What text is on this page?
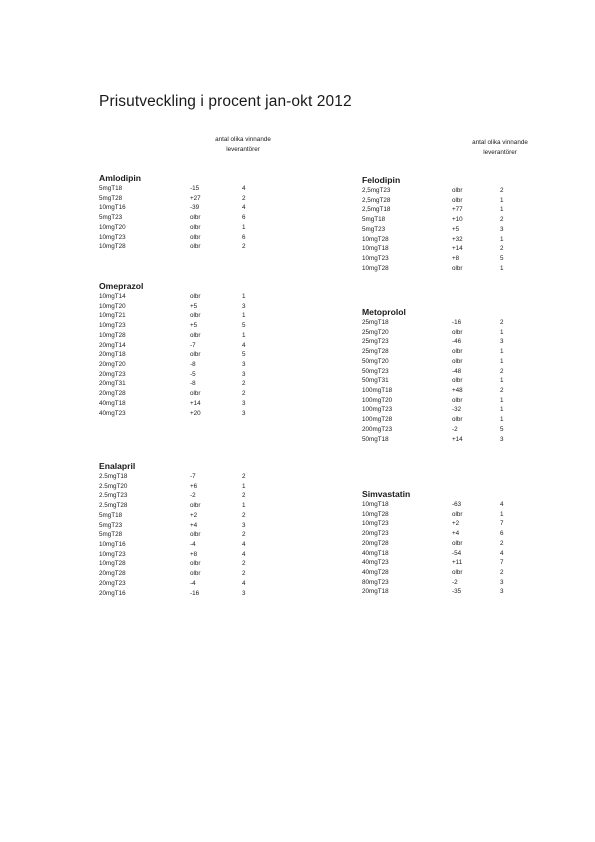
Prisutveckling i procent jan-okt 2012
antal olika vinnande
leverantörer
antal olika vinnande
leverantörer
Amlodipin
5mgT18	-15	4
5mgT28	+27	2
10mgT16	-39	4
5mgT23	olbr	6
10mgT20	olbr	1
10mgT23	olbr	6
10mgT28	olbr	2
Omeprazol
10mgT14	olbr	1
10mgT20	+5	3
10mgT21	olbr	1
10mgT23	+5	5
10mgT28	olbr	1
20mgT14	-7	4
20mgT18	olbr	5
20mgT20	-8	3
20mgT23	-5	3
20mgT31	-8	2
20mgT28	olbr	2
40mgT18	+14	3
40mgT23	+20	3
Enalapril
2.5mgT18	-7	2
2.5mgT20	+6	1
2.5mgT23	-2	2
2.5mgT28	olbr	1
5mgT18	+2	2
5mgT23	+4	3
5mgT28	olbr	2
10mgT16	-4	4
10mgT23	+8	4
10mgT28	olbr	2
20mgT28	olbr	2
20mgT23	-4	4
20mgT16	-16	3
Felodipin
2,5mgT23	olbr	2
2,5mgT28	olbr	1
2,5mgT18	+77	1
5mgT18	+10	2
5mgT23	+5	3
10mgT28	+32	1
10mgT18	+14	2
10mgT23	+8	5
10mgT28	olbr	1
Metoprolol
25mgT18	-16	2
25mgT20	olbr	1
25mgT23	-46	3
25mgT28	olbr	1
50mgT20	olbr	1
50mgT23	-48	2
50mgT31	olbr	1
100mgT18	+48	2
100mgT20	olbr	1
100mgT23	-32	1
100mgT28	olbr	1
200mgT23	-2	5
50mgT18	+14	3
Simvastatin
10mgT18	-63	4
10mgT28	olbr	1
10mgT23	+2	7
20mgT23	+4	6
20mgT28	olbr	2
40mgT18	-54	4
40mgT23	+11	7
40mgT28	olbr	2
80mgT23	-2	3
20mgT18	-35	3
